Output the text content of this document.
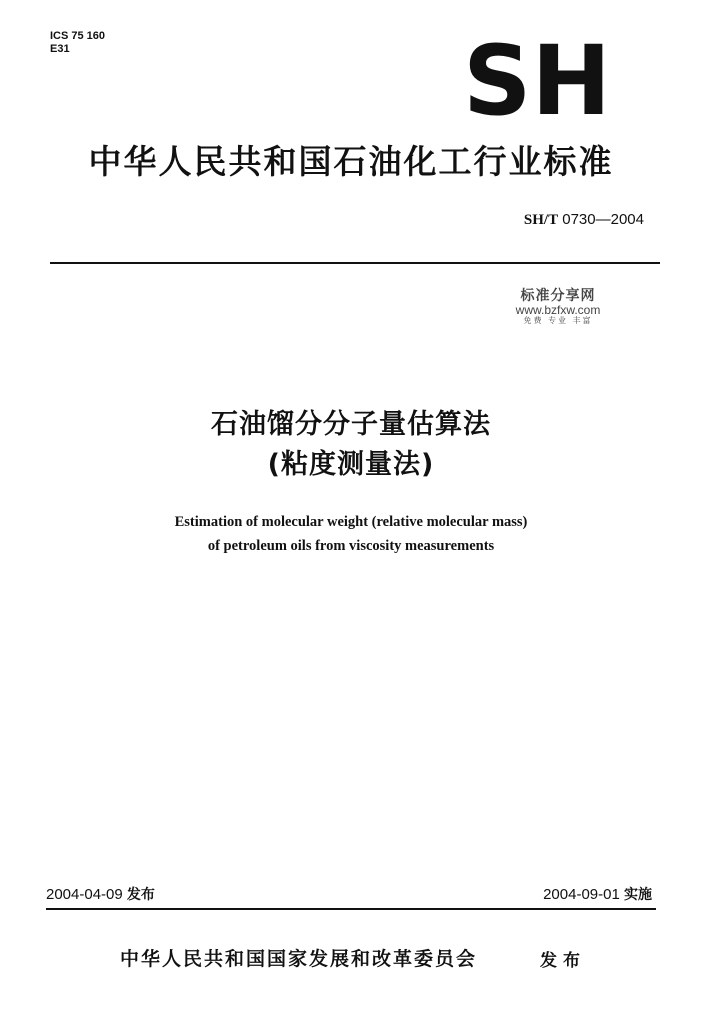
ICS 75 160
E31	SH
中华人民共和国石油化工行业标准
SH/T 0730—2004
标准分享网
www.bzfxw.com
免费 专业 丰富
石油馏分分子量估算法
(粘度测量法)
Estimation of molecular weight (relative molecular mass)
of petroleum oils from viscosity measurements
2004-04-09 发布	2004-09-01 实施
中华人民共和国国家发展和改革委员会	发布
